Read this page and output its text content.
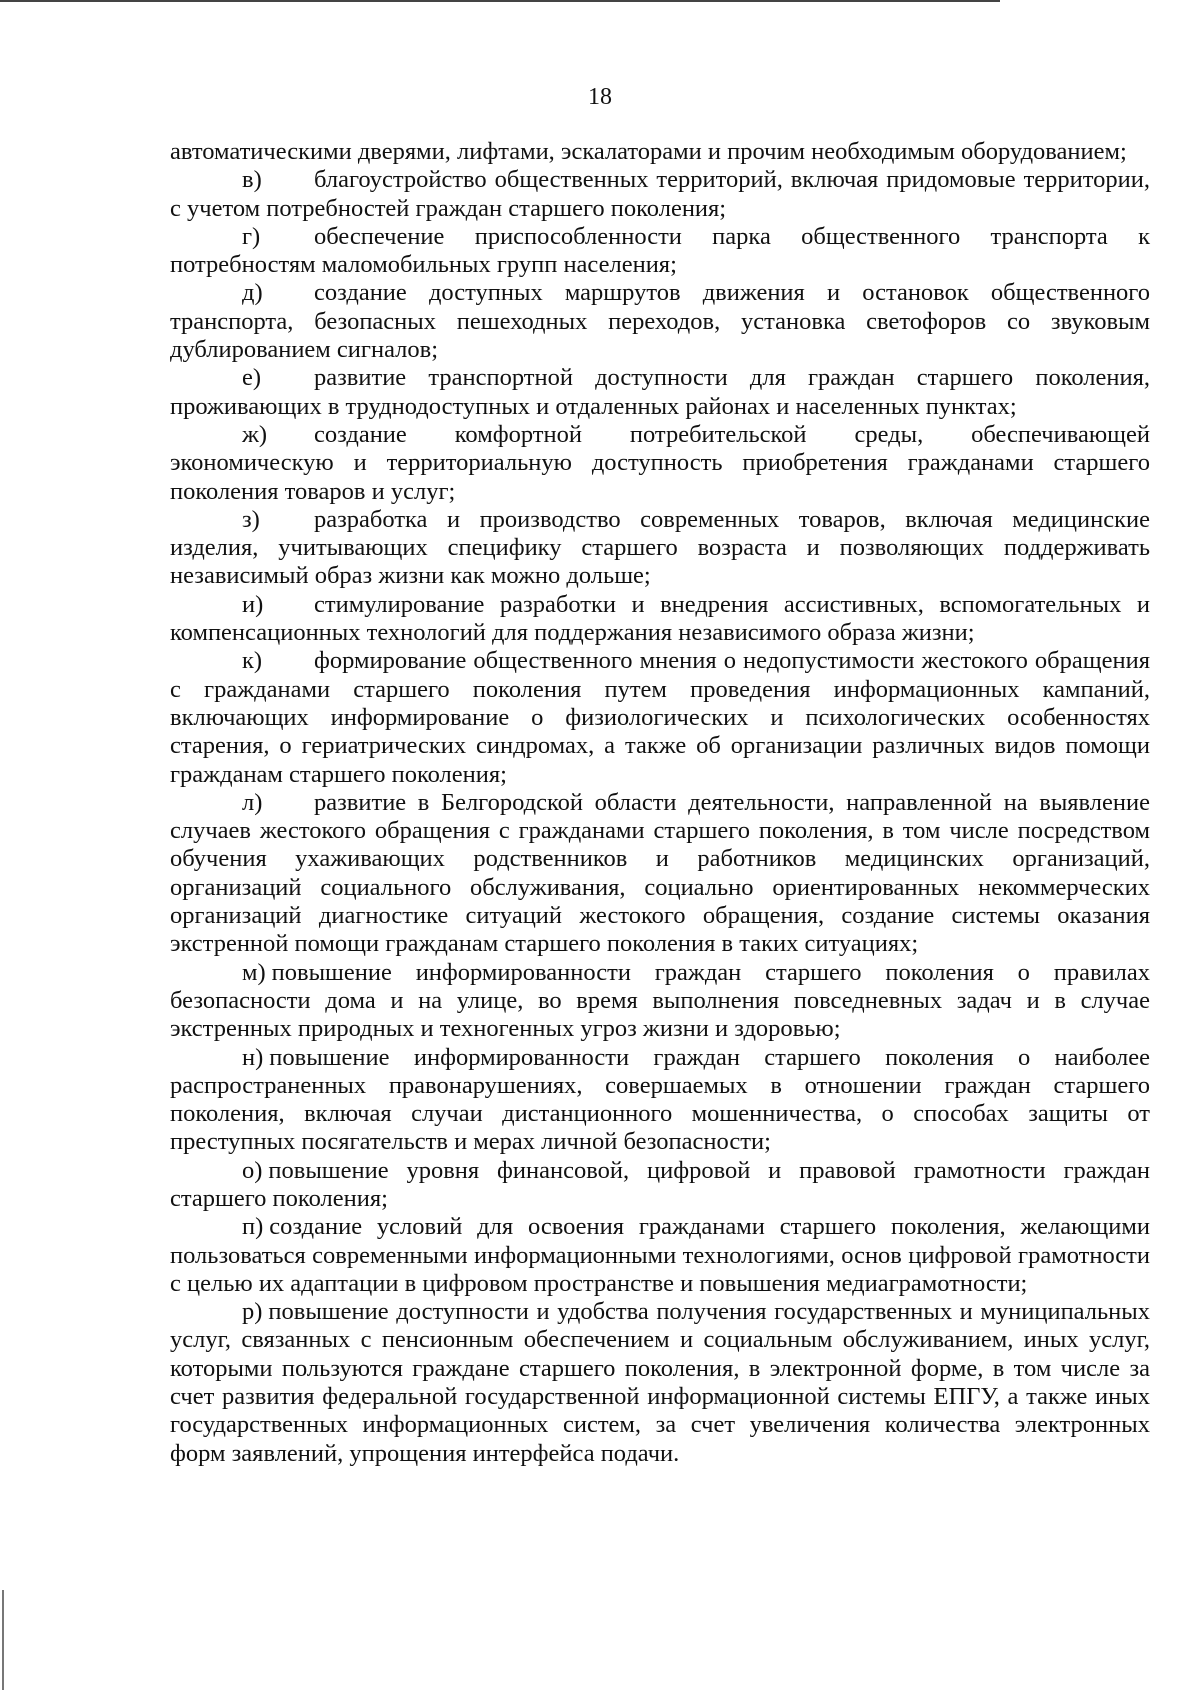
18

автоматическими дверями, лифтами, эскалаторами и прочим необходимым оборудованием;

в) благоустройство общественных территорий, включая придомовые территории, с учетом потребностей граждан старшего поколения;

г) обеспечение приспособленности парка общественного транспорта к потребностям маломобильных групп населения;

д) создание доступных маршрутов движения и остановок общественного транспорта, безопасных пешеходных переходов, установка светофоров со звуковым дублированием сигналов;

е) развитие транспортной доступности для граждан старшего поколения, проживающих в труднодоступных и отдаленных районах и населенных пунктах;

ж) создание комфортной потребительской среды, обеспечивающей экономическую и территориальную доступность приобретения гражданами старшего поколения товаров и услуг;

з) разработка и производство современных товаров, включая медицинские изделия, учитывающих специфику старшего возраста и позволяющих поддерживать независимый образ жизни как можно дольше;

и) стимулирование разработки и внедрения ассистивных, вспомогательных и компенсационных технологий для поддержания независимого образа жизни;

к) формирование общественного мнения о недопустимости жестокого обращения с гражданами старшего поколения путем проведения информационных кампаний, включающих информирование о физиологических и психологических особенностях старения, о гериатрических синдромах, а также об организации различных видов помощи гражданам старшего поколения;

л) развитие в Белгородской области деятельности, направленной на выявление случаев жестокого обращения с гражданами старшего поколения, в том числе посредством обучения ухаживающих родственников и работников медицинских организаций, организаций социального обслуживания, социально ориентированных некоммерческих организаций диагностике ситуаций жестокого обращения, создание системы оказания экстренной помощи гражданам старшего поколения в таких ситуациях;

м) повышение информированности граждан старшего поколения о правилах безопасности дома и на улице, во время выполнения повседневных задач и в случае экстренных природных и техногенных угроз жизни и здоровью;

н) повышение информированности граждан старшего поколения о наиболее распространенных правонарушениях, совершаемых в отношении граждан старшего поколения, включая случаи дистанционного мошенничества, о способах защиты от преступных посягательств и мерах личной безопасности;

о) повышение уровня финансовой, цифровой и правовой грамотности граждан старшего поколения;

п) создание условий для освоения гражданами старшего поколения, желающими пользоваться современными информационными технологиями, основ цифровой грамотности с целью их адаптации в цифровом пространстве и повышения медиаграмотности;

р) повышение доступности и удобства получения государственных и муниципальных услуг, связанных с пенсионным обеспечением и социальным обслуживанием, иных услуг, которыми пользуются граждане старшего поколения, в электронной форме, в том числе за счет развития федеральной государственной информационной системы ЕПГУ, а также иных государственных информационных систем, за счет увеличения количества электронных форм заявлений, упрощения интерфейса подачи.
